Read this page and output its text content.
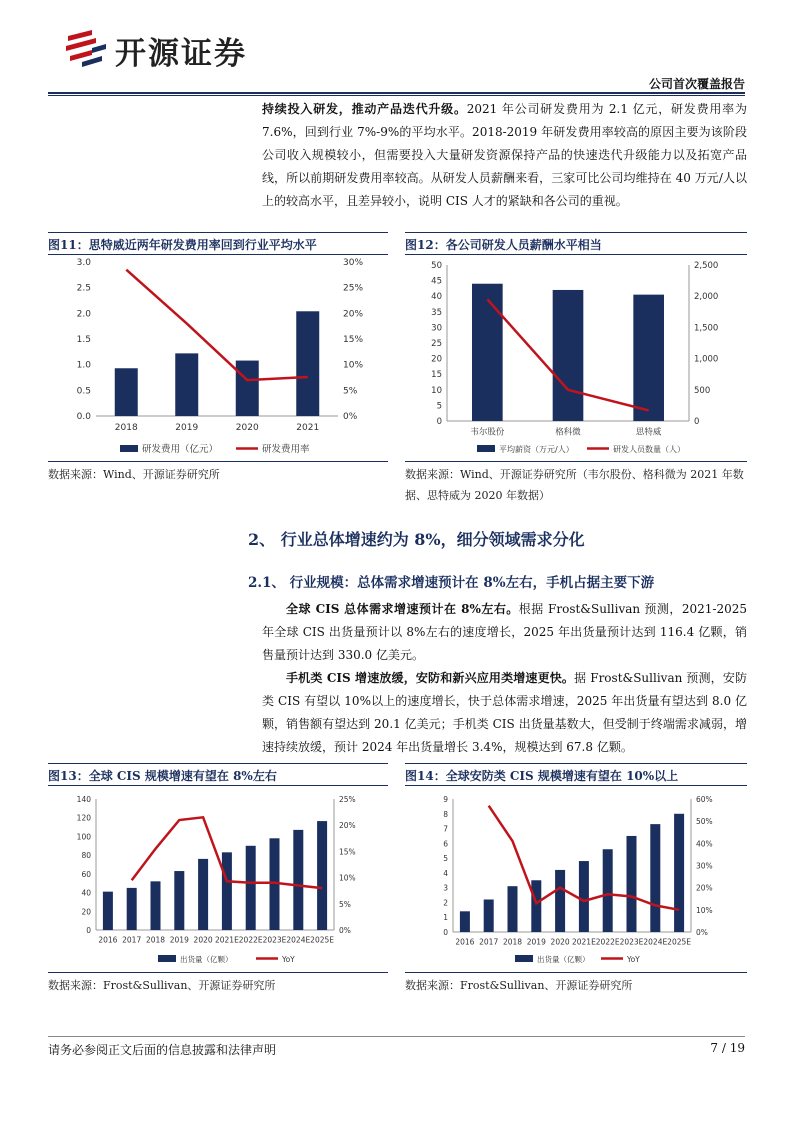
开源证券
公司首次覆盖报告
持续投入研发，推动产品迭代升级。2021 年公司研发费用为 2.1 亿元，研发费用率为 7.6%，回到行业 7%-9%的平均水平。2018-2019 年研发费用率较高的原因主要为该阶段公司收入规模较小，但需要投入大量研发资源保持产品的快速迭代升级能力以及拓宽产品线，所以前期研发费用率较高。从研发人员薪酬来看，三家可比公司均维持在 40 万元/人以上的较高水平，且差异较小，说明 CIS 人才的紧缺和各公司的重视。
图11：思特威近两年研发费用率回到行业平均水平
0.0
0.5
1.0
1.5
2.0
2.5
3.0
0%
5%
10%
15%
20%
25%
30%
2018	2019	2020	2021
研发费用（亿元）	研发费用率
数据来源：Wind、开源证券研究所
图12：各公司研发人员薪酬水平相当
0
5
10
15
20
25
30
35
40
45
50
0
500
1,000
1,500
2,000
2,500
韦尔股份	格科微	思特威
平均薪资（万元/人）	研发人员数量（人）
数据来源：Wind、开源证券研究所（韦尔股份、格科微为 2021 年数据、思特威为 2020 年数据）
2、 行业总体增速约为 8%，细分领域需求分化
2.1、 行业规模：总体需求增速预计在 8%左右，手机占据主要下游
全球 CIS 总体需求增速预计在 8%左右。根据 Frost&Sullivan 预测，2021-2025 年全球 CIS 出货量预计以 8%左右的速度增长，2025 年出货量预计达到 116.4 亿颗，销售量预计达到 330.0 亿美元。
手机类 CIS 增速放缓，安防和新兴应用类增速更快。据 Frost&Sullivan 预测，安防类 CIS 有望以 10%以上的速度增长，快于总体需求增速，2025 年出货量有望达到 8.0 亿颗，销售额有望达到 20.1 亿美元；手机类 CIS 出货量基数大，但受制于终端需求减弱，增速持续放缓，预计 2024 年出货量增长 3.4%，规模达到 67.8 亿颗。
图13：全球 CIS 规模增速有望在 8%左右
0
20
40
60
80
100
120
140
0%
5%
10%
15%
20%
25%
2016 2017 2018 2019 2020 2021E 2022E 2023E 2024E 2025E
出货量（亿颗）	YoY
数据来源：Frost&Sullivan、开源证券研究所
图14：全球安防类 CIS 规模增速有望在 10%以上
0
1
2
3
4
5
6
7
8
9
0%
10%
20%
30%
40%
50%
60%
2016 2017 2018 2019 2020 2021E 2022E 2023E 2024E 2025E
出货量（亿颗）	YoY
数据来源：Frost&Sullivan、开源证券研究所
请务必参阅正文后面的信息披露和法律声明	7 / 19
